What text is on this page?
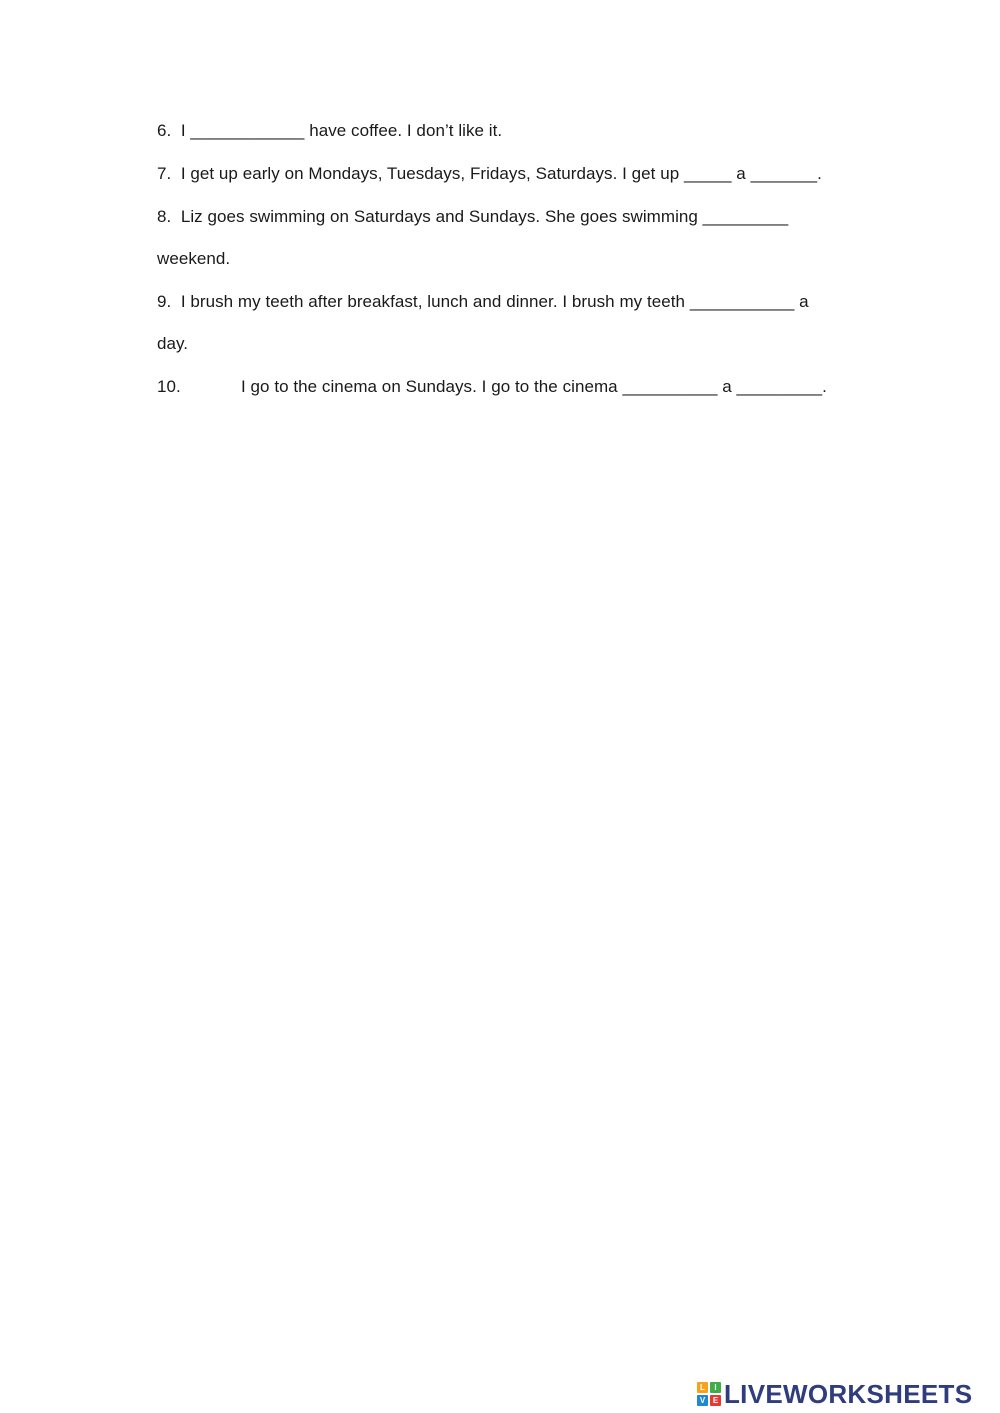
6. I ____________ have coffee. I don’t like it.
7. I get up early on Mondays, Tuesdays, Fridays, Saturdays. I get up _____ a _______.
8. Liz goes swimming on Saturdays and Sundays. She goes swimming _________
weekend.
9. I brush my teeth after breakfast, lunch and dinner. I brush my teeth ___________ a
day.
10.	I go to the cinema on Sundays. I go to the cinema __________ a _________.
L	I
V E LIVEWORKSHEETS
